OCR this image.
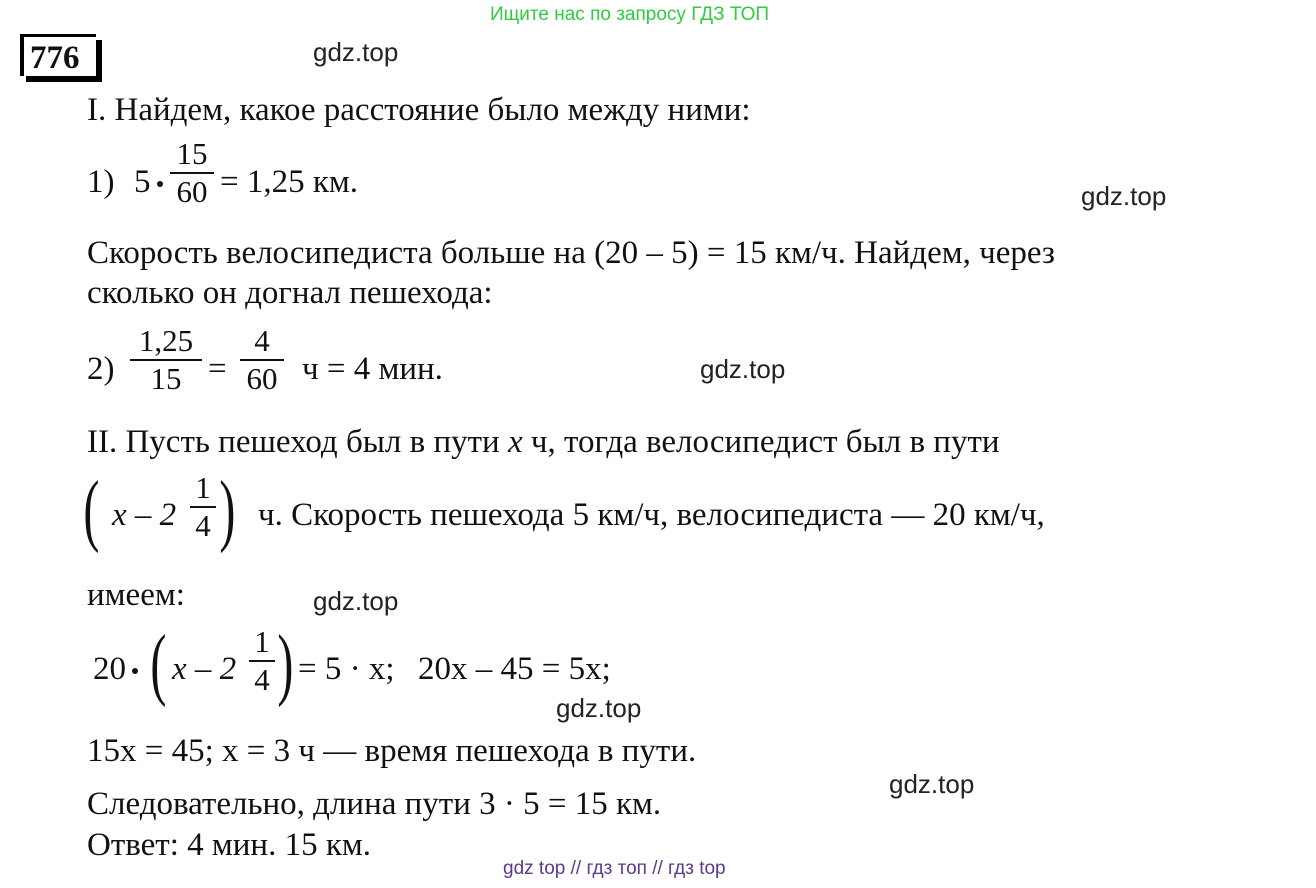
Ищите нас по запросу ГДЗ ТОП
776	gdz.top
gdz.top
gdz.top
gdz.top
gdz.top
gdz.top
I. Найдем, какое расстояние было между ними:
1) 5
15
60 = 1,25 км.
Скорость велосипедиста больше на (20 – 5) = 15 км/ч. Найдем, через
сколько он догнал пешехода:
2)
1,25
15 =
4
60 ч = 4 мин.
II. Пусть пешеход был в пути x ч, тогда велосипедист был в пути
( x – 2
1
4 ) ч. Скорость пешехода 5 км/ч, велосипедиста — 20 км/ч,
имеем:
20 ( x – 2
1
4 ) = 5 · x; 20x – 45 = 5x;
15x = 45; x = 3 ч — время пешехода в пути.
Следовательно, длина пути 3 · 5 = 15 км.
Ответ: 4 мин. 15 км.
gdz top // гдз топ // гдз top
